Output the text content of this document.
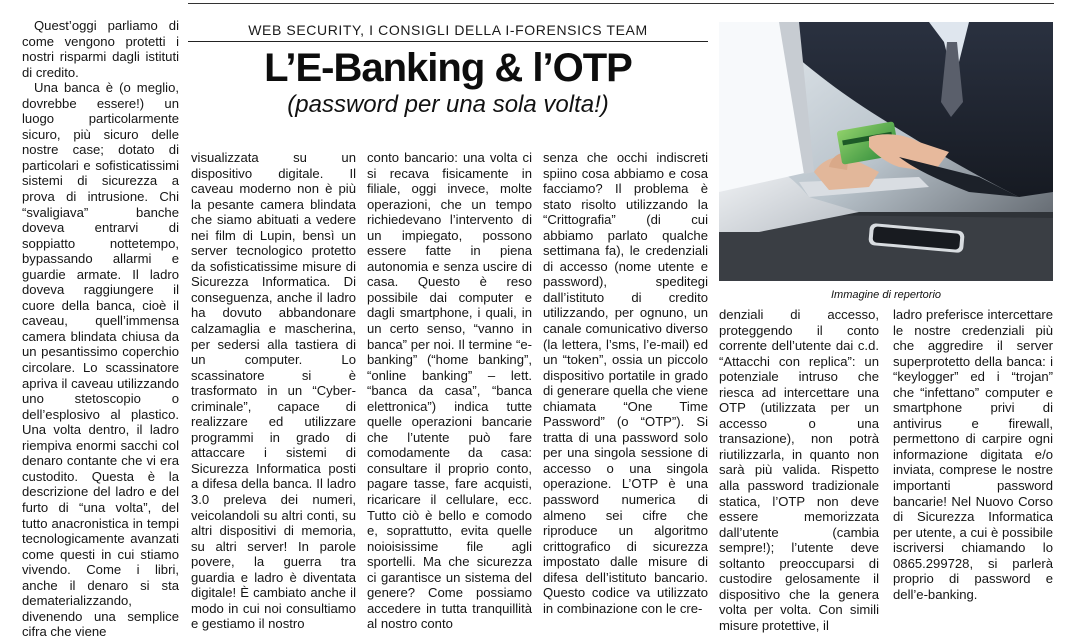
Quest’oggi parliamo di come vengono protetti i nostri risparmi dagli istituti di credito.

Una banca è (o meglio, dovrebbe essere!) un luogo particolarmente sicuro, più sicuro delle nostre case; dotato di particolari e sofisticatissimi sistemi di sicurezza a prova di intrusione. Chi “svaligiava” banche doveva entrarvi di soppiatto nottetempo, bypassando allarmi e guardie armate. Il ladro doveva raggiungere il cuore della banca, cioè il caveau, quell’immensa camera blindata chiusa da un pesantissimo coperchio circolare. Lo scassinatore apriva il caveau utilizzando uno stetoscopio o dell’esplosivo al plastico. Una volta dentro, il ladro riempiva enormi sacchi col denaro contante che vi era custodito. Questa è la descrizione del ladro e del furto di “una volta”, del tutto anacronistica in tempi tecnologicamente avanzati come questi in cui stiamo vivendo. Come i libri, anche il denaro si sta dematerializzando, divenendo una semplice cifra che viene

WEB SECURITY, I CONSIGLI DELLA I-FORENSICS TEAM
L’E-Banking & l’OTP
(password per una sola volta!)

visualizzata su un dispositivo digitale. Il caveau moderno non è più la pesante camera blindata che siamo abituati a vedere nei film di Lupin, bensì un server tecnologico protetto da sofisticatissime misure di Sicurezza Informatica. Di conseguenza, anche il ladro ha dovuto abbandonare calzamaglia e mascherina, per sedersi alla tastiera di un computer. Lo scassinatore si è trasformato in un “Cyber-criminale”, capace di realizzare ed utilizzare programmi in grado di attaccare i sistemi di Sicurezza Informatica posti a difesa della banca. Il ladro 3.0 preleva dei numeri, veicolandoli su altri conti, su altri dispositivi di memoria, su altri server! In parole povere, la guerra tra guardia e ladro è diventata digitale! È cambiato anche il modo in cui noi consultiamo e gestiamo il nostro

conto bancario: una volta ci si recava fisicamente in filiale, oggi invece, molte operazioni, che un tempo richiedevano l’intervento di un impiegato, possono essere fatte in piena autonomia e senza uscire di casa. Questo è reso possibile dai computer e dagli smartphone, i quali, in un certo senso, “vanno in banca” per noi. Il termine “e-banking” (“home banking”, “online banking” – lett. “banca da casa”, “banca elettronica”) indica tutte quelle operazioni bancarie che l’utente può fare comodamente da casa: consultare il proprio conto, pagare tasse, fare acquisti, ricaricare il cellulare, ecc. Tutto ciò è bello e comodo e, soprattutto, evita quelle noioisissime file agli sportelli. Ma che sicurezza ci garantisce un sistema del genere? Come possiamo accedere in tutta tranquillità al nostro conto

senza che occhi indiscreti spiino cosa abbiamo e cosa facciamo? Il problema è stato risolto utilizzando la “Crittografia” (di cui abbiamo parlato qualche settimana fa), le credenziali di accesso (nome utente e password), speditegi dall’istituto di credito utilizzando, per ognuno, un canale comunicativo diverso (la lettera, l’sms, l’e-mail) ed un “token”, ossia un piccolo dispositivo portatile in grado di generare quella che viene chiamata “One Time Password” (o “OTP”). Si tratta di una password solo per una singola sessione di accesso o una singola operazione. L’OTP è una password numerica di almeno sei cifre che riproduce un algoritmo crittografico di sicurezza impostato dalle misure di difesa dell’istituto bancario. Questo codice va utilizzato in combinazione con le cre-

Immagine di repertorio

denziali di accesso, proteggendo il conto corrente dell’utente dai c.d. “Attacchi con replica”: un potenziale intruso che riesca ad intercettare una OTP (utilizzata per un accesso o una transazione), non potrà riutilizzarla, in quanto non sarà più valida. Rispetto alla password tradizionale statica, l’OTP non deve essere memorizzata dall’utente (cambia sempre!); l’utente deve soltanto preoccuparsi di custodire gelosamente il dispositivo che la genera volta per volta. Con simili misure protettive, il

ladro preferisce intercettare le nostre credenziali più che aggredire il server superprotetto della banca: i “keylogger” ed i “trojan” che “infettano” computer e smartphone privi di antivirus e firewall, permettono di carpire ogni informazione digitata e/o inviata, comprese le nostre importanti password bancarie! Nel Nuovo Corso di Sicurezza Informatica per utente, a cui è possibile iscriversi chiamando lo 0865.299728, si parlerà proprio di password e dell’e-banking.
